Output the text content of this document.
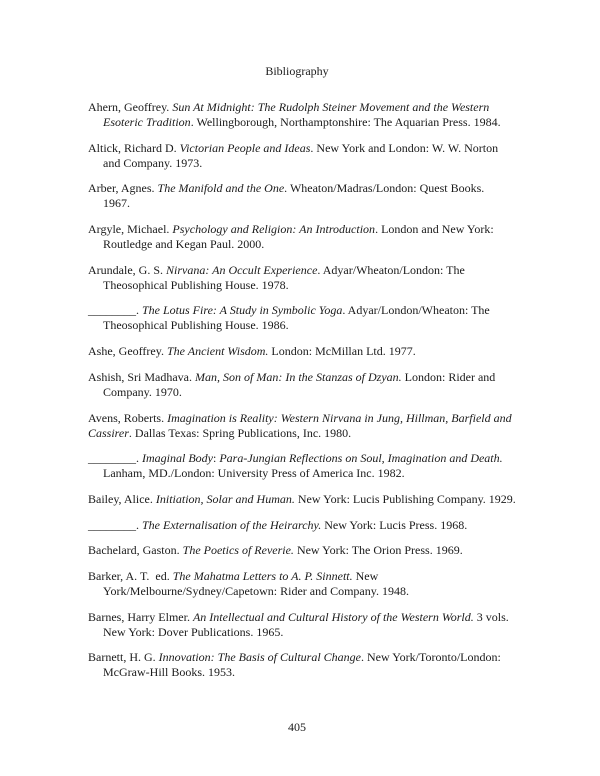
Bibliography
Ahern, Geoffrey. Sun At Midnight: The Rudolph Steiner Movement and the Western
Esoteric Tradition. Wellingborough, Northamptonshire: The Aquarian Press. 1984.
Altick, Richard D. Victorian People and Ideas. New York and London: W. W. Norton
and Company. 1973.
Arber, Agnes. The Manifold and the One. Wheaton/Madras/London: Quest Books.
1967.
Argyle, Michael. Psychology and Religion: An Introduction. London and New York:
Routledge and Kegan Paul. 2000.
Arundale, G. S. Nirvana: An Occult Experience. Adyar/Wheaton/London: The
Theosophical Publishing House. 1978.
________. The Lotus Fire: A Study in Symbolic Yoga. Adyar/London/Wheaton: The
Theosophical Publishing House. 1986.
Ashe, Geoffrey. The Ancient Wisdom. London: McMillan Ltd. 1977.
Ashish, Sri Madhava. Man, Son of Man: In the Stanzas of Dzyan. London: Rider and
Company. 1970.
Avens, Roberts. Imagination is Reality: Western Nirvana in Jung, Hillman, Barfield and
Cassirer. Dallas Texas: Spring Publications, Inc. 1980.
________. Imaginal Body: Para-Jungian Reflections on Soul, Imagination and Death.
Lanham, MD./London: University Press of America Inc. 1982.
Bailey, Alice. Initiation, Solar and Human. New York: Lucis Publishing Company. 1929.
________. The Externalisation of the Heirarchy. New York: Lucis Press. 1968.
Bachelard, Gaston. The Poetics of Reverie. New York: The Orion Press. 1969.
Barker, A. T.  ed. The Mahatma Letters to A. P. Sinnett. New
York/Melbourne/Sydney/Capetown: Rider and Company. 1948.
Barnes, Harry Elmer. An Intellectual and Cultural History of the Western World. 3 vols.
New York: Dover Publications. 1965.
Barnett, H. G. Innovation: The Basis of Cultural Change. New York/Toronto/London:
McGraw-Hill Books. 1953.
405
